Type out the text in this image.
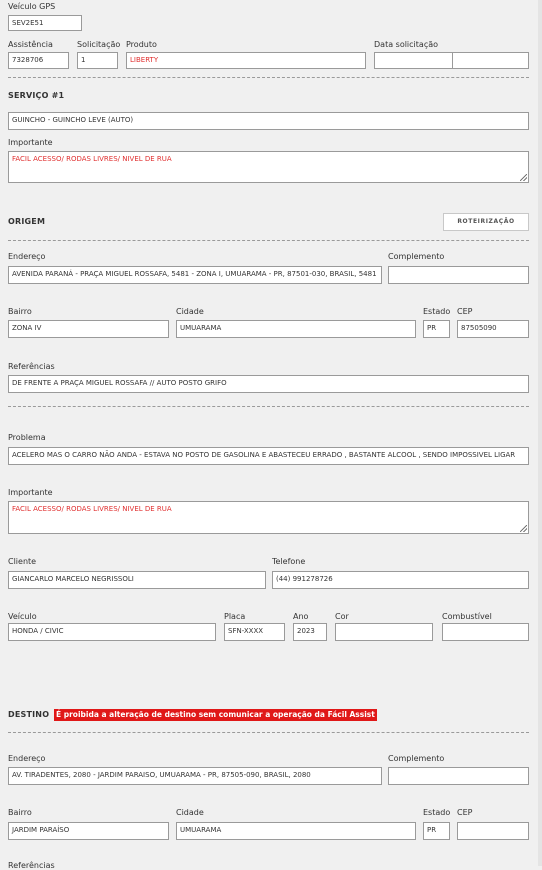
Veículo GPS
SEV2E51
Assistência
7328706
Solicitação
1
Produto
LIBERTY
Data solicitação
SERVIÇO #1
GUINCHO - GUINCHO LEVE (AUTO)
Importante
FACIL ACESSO/ RODAS LIVRES/ NIVEL DE RUA
ORIGEM	ROTEIRIZAÇÃO
Endereço
AVENIDA PARANÁ - PRAÇA MIGUEL ROSSAFA, 5481 - ZONA I, UMUARAMA - PR, 87501-030, BRASIL, 5481
Complemento
Bairro
ZONA IV
Cidade
UMUARAMA
Estado
PR
CEP
87505090
Referências
DE FRENTE A PRAÇA MIGUEL ROSSAFA // AUTO POSTO GRIFO
Problema
ACELERO MAS O CARRO NÃO ANDA - ESTAVA NO POSTO DE GASOLINA E ABASTECEU ERRADO , BASTANTE ALCOOL , SENDO IMPOSSIVEL LIGAR
Importante
FACIL ACESSO/ RODAS LIVRES/ NIVEL DE RUA
Cliente
GIANCARLO MARCELO NEGRISSOLI
Telefone
(44) 991278726
Veículo
HONDA / CIVIC
Placa
SFN-XXXX
Ano
2023
Cor	Combustível
DESTINO É proibida a alteração de destino sem comunicar a operação da Fácil Assist
Endereço
AV. TIRADENTES, 2080 - JARDIM PARAISO, UMUARAMA - PR, 87505-090, BRASIL, 2080
Complemento
Bairro
JARDIM PARAÍSO
Cidade
UMUARAMA
Estado
PR
CEP
Referências
